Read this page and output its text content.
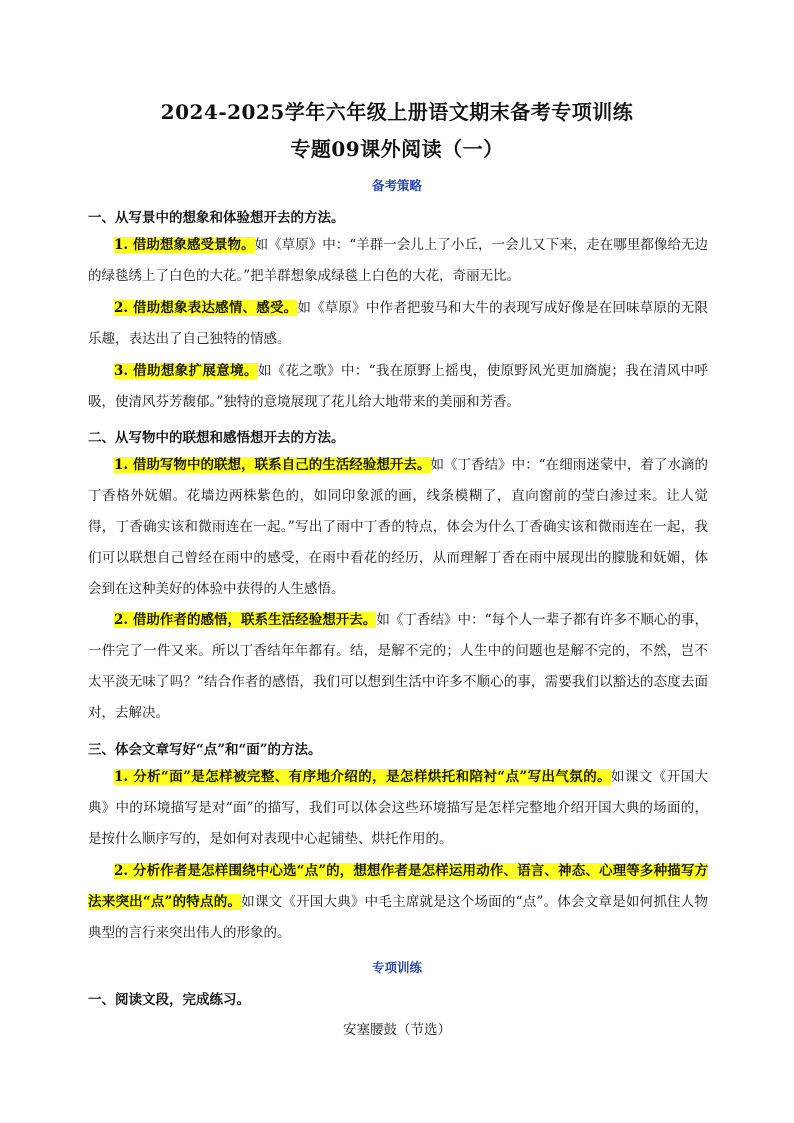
2024-2025学年六年级上册语文期末备考专项训练
专题09课外阅读（一）
备考策略
一、从写景中的想象和体验想开去的方法。
1. 借助想象感受景物。如《草原》中：“羊群一会儿上了小丘，一会儿又下来，走在哪里都像给无边的绿毯绣上了白色的大花。”把羊群想象成绿毯上白色的大花，奇丽无比。
2. 借助想象表达感情、感受。如《草原》中作者把骏马和大牛的表现写成好像是在回味草原的无限乐趣，表达出了自己独特的情感。
3. 借助想象扩展意境。如《花之歌》中：“我在原野上摇曳，使原野风光更加旖旎；我在清风中呼吸，使清风芬芳馥郁。”独特的意境展现了花儿给大地带来的美丽和芳香。
二、从写物中的联想和感悟想开去的方法。
1. 借助写物中的联想，联系自己的生活经验想开去。如《丁香结》中：“在细雨迷蒙中，着了水滴的丁香格外妩媚。花墙边两株紫色的，如同印象派的画，线条模糊了，直向窗前的莹白渗过来。让人觉得，丁香确实该和微雨连在一起。”写出了雨中丁香的特点，体会为什么丁香确实该和微雨连在一起，我们可以联想自己曾经在雨中的感受，在雨中看花的经历，从而理解丁香在雨中展现出的朦胧和妩媚，体会到在这种美好的体验中获得的人生感悟。
2. 借助作者的感悟，联系生活经验想开去。如《丁香结》中：“每个人一辈子都有许多不顺心的事，一件完了一件又来。所以丁香结年年都有。结，是解不完的；人生中的问题也是解不完的，不然，岂不太平淡无味了吗？”结合作者的感悟，我们可以想到生活中许多不顺心的事，需要我们以豁达的态度去面对，去解决。
三、体会文章写好“点”和“面”的方法。
1. 分析“面”是怎样被完整、有序地介绍的，是怎样烘托和陪衬“点”写出气氛的。如课文《开国大典》中的环境描写是对“面”的描写，我们可以体会这些环境描写是怎样完整地介绍开国大典的场面的，是按什么顺序写的，是如何对表现中心起铺垫、烘托作用的。
2. 分析作者是怎样围绕中心选“点”的，想想作者是怎样运用动作、语言、神态、心理等多种描写方法来突出“点”的特点的。如课文《开国大典》中毛主席就是这个场面的“点”。体会文章是如何抓住人物典型的言行来突出伟人的形象的。
专项训练
一、阅读文段，完成练习。
安塞腰鼓（节选）
